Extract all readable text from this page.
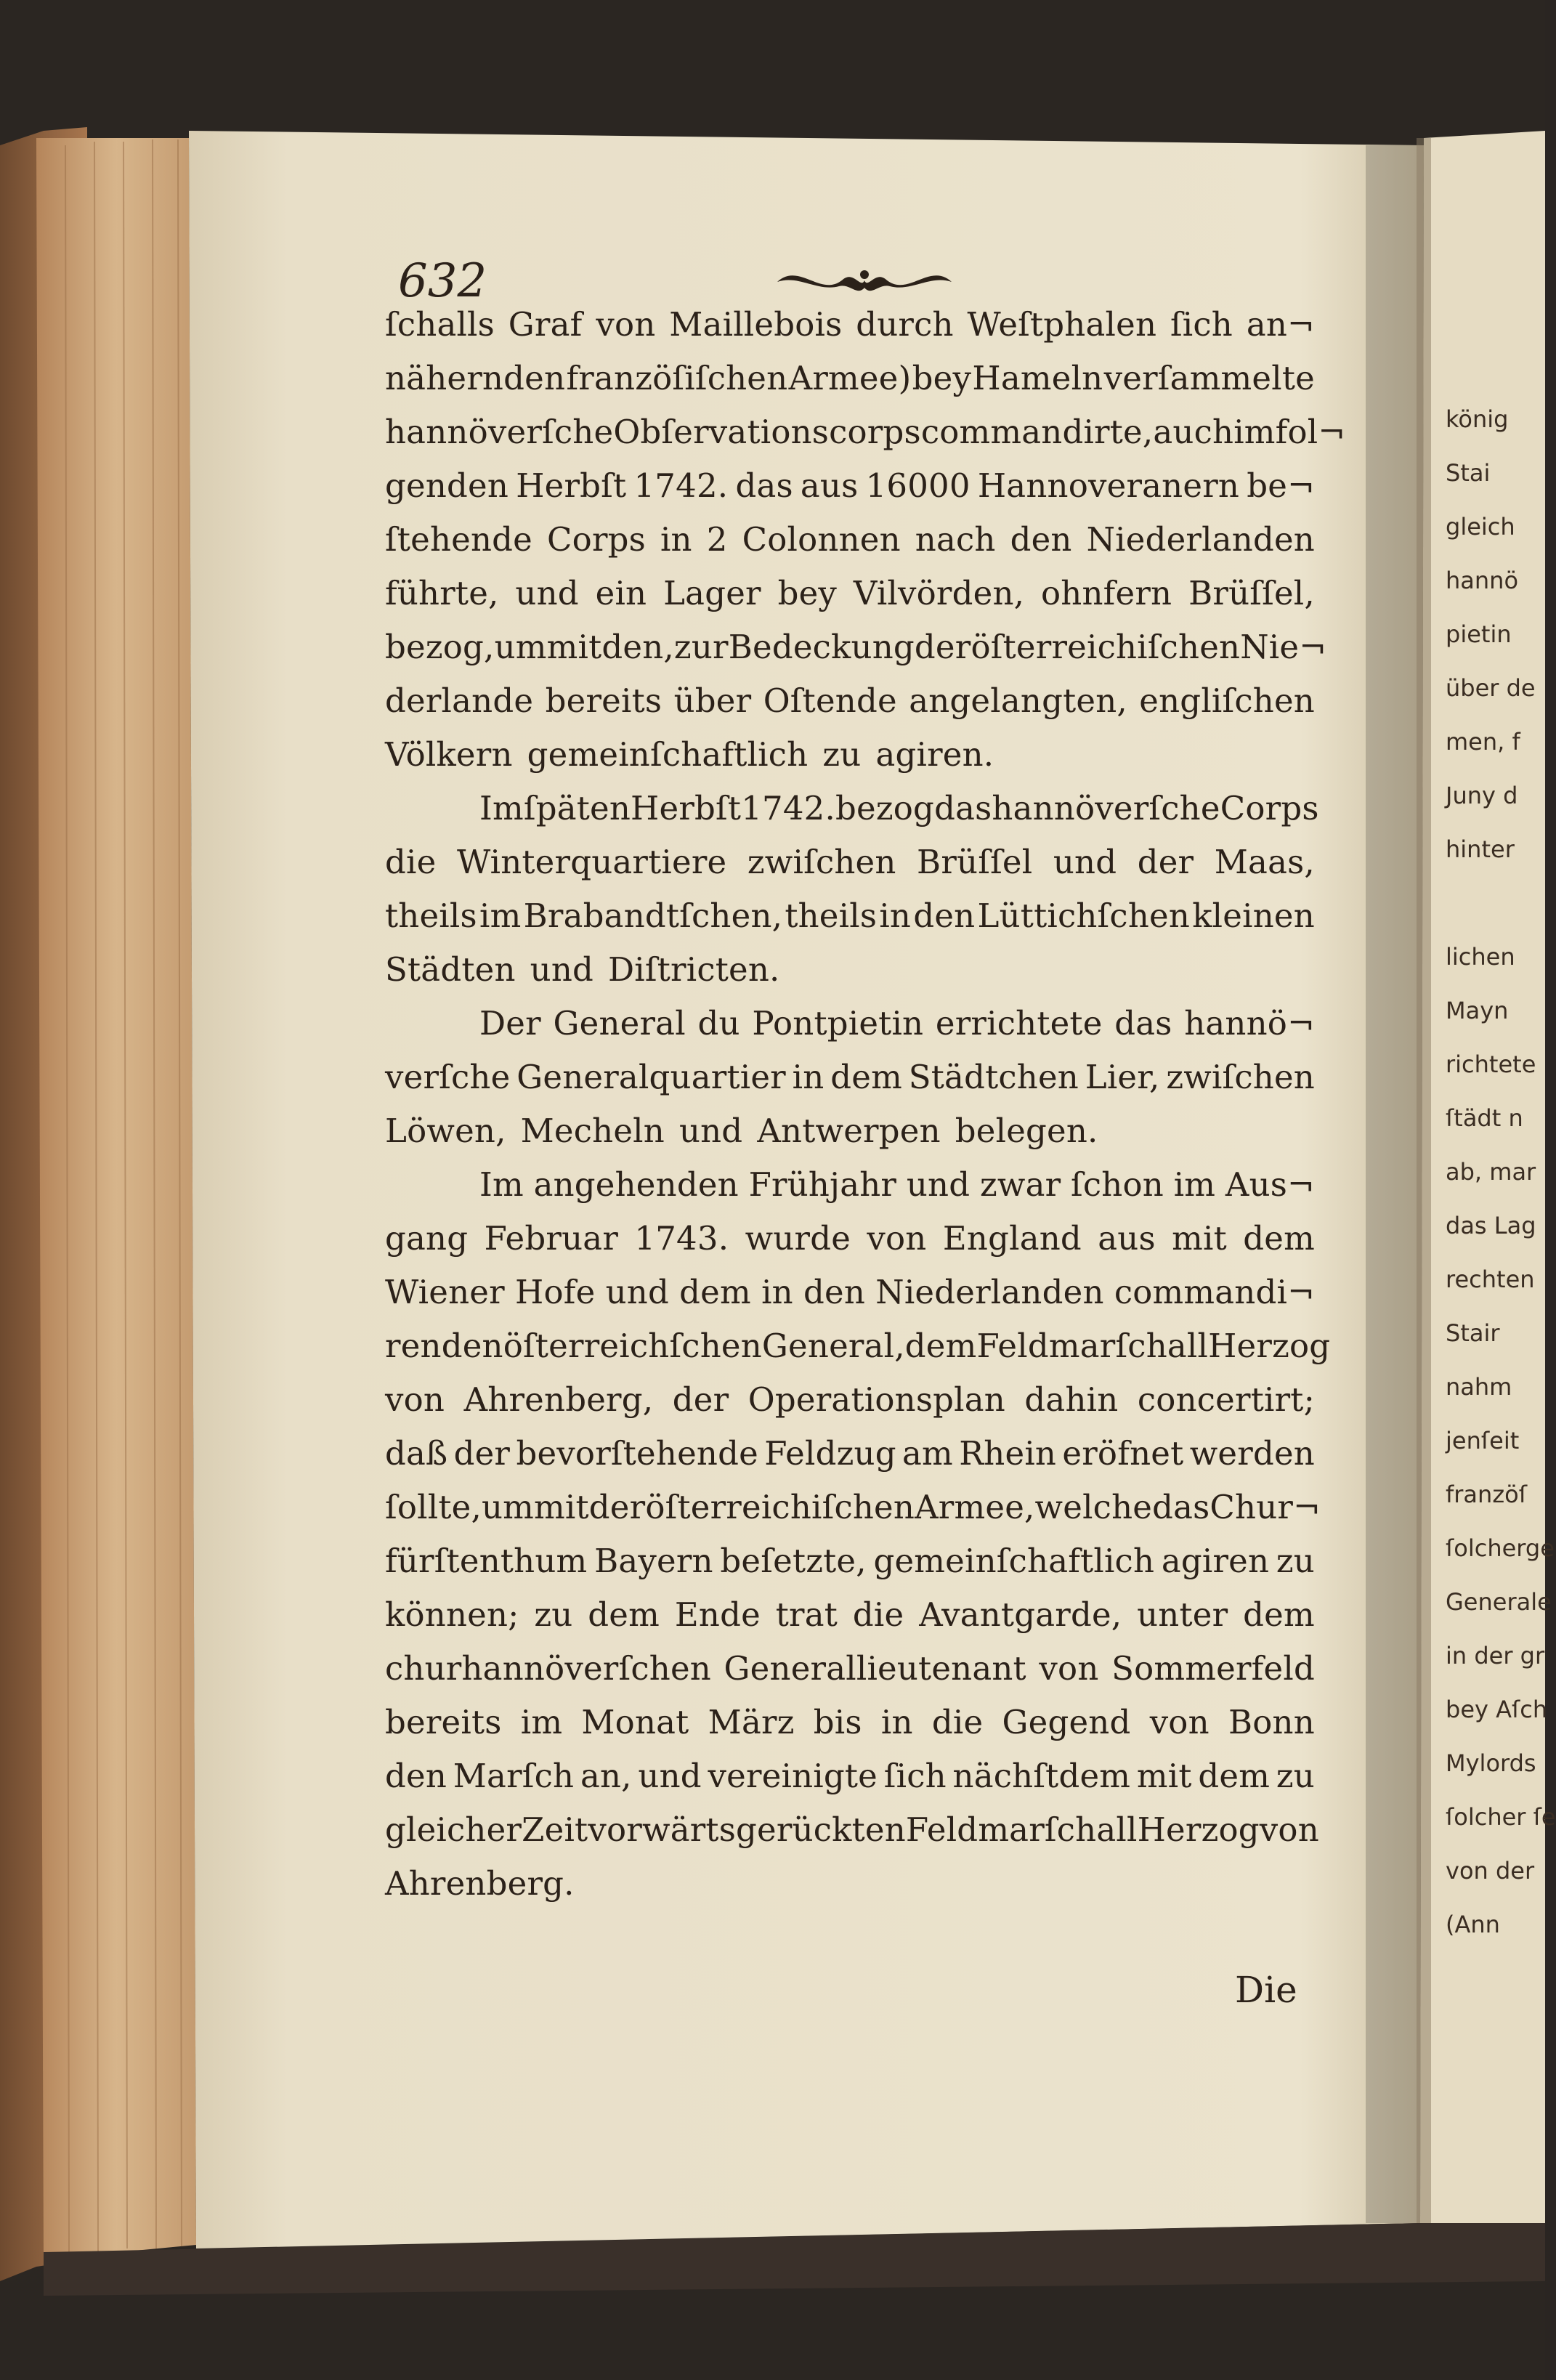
632
ſchalls Graf von Maillebois durch Weſtphalen ſich an¬
nähernden franzöſiſchen Armee) bey Hameln verſammelte
hannöverſche Obſervationscorps commandirte, auch im fol¬
genden Herbſt 1742. das aus 16000 Hannoveranern be¬
ſtehende Corps in 2 Colonnen nach den Niederlanden
führte, und ein Lager bey Vilvörden, ohnfern Brüſſel,
bezog, um mit den, zur Bedeckung der öſterreichiſchen Nie¬
derlande bereits über Oſtende angelangten, engliſchen
Völkern gemeinſchaftlich zu agiren.
Im ſpäten Herbſt 1742. bezog das hannöverſche Corps
die Winterquartiere zwiſchen Brüſſel und der Maas,
theils im Brabandtſchen, theils in den Lüttichſchen kleinen
Städten und Diſtricten.
Der General du Pontpietin errichtete das hannö¬
verſche Generalquartier in dem Städtchen Lier, zwiſchen
Löwen, Mecheln und Antwerpen belegen.
Im angehenden Frühjahr und zwar ſchon im Aus¬
gang Februar 1743. wurde von England aus mit dem
Wiener Hofe und dem in den Niederlanden commandi¬
renden öſterreichſchen General, dem Feldmarſchall Herzog
von Ahrenberg, der Operationsplan dahin concertirt;
daß der bevorſtehende Feldzug am Rhein eröfnet werden
ſollte, um mit der öſterreichiſchen Armee, welche das Chur¬
fürſtenthum Bayern beſetzte, gemeinſchaftlich agiren zu
können; zu dem Ende trat die Avantgarde, unter dem
churhannöverſchen Generallieutenant von Sommerfeld
bereits im Monat März bis in die Gegend von Bonn
den Marſch an, und vereinigte ſich nächſtdem mit dem zu
gleicher Zeit vorwärts gerückten Feldmarſchall Herzog von
Ahrenberg.
Die
könig
Stai
gleich
hannö
pietin
über de
men, f
Juny d
hinter
lichen
Mayn
richtete
ſtädt n
ab, mar
das Lag
rechten
Stair
nahm
jenſeit
franzöſ
ſolcherge
Generale
in der gr
bey Aſch
Mylords
ſolcher ſe
von der
(Ann
